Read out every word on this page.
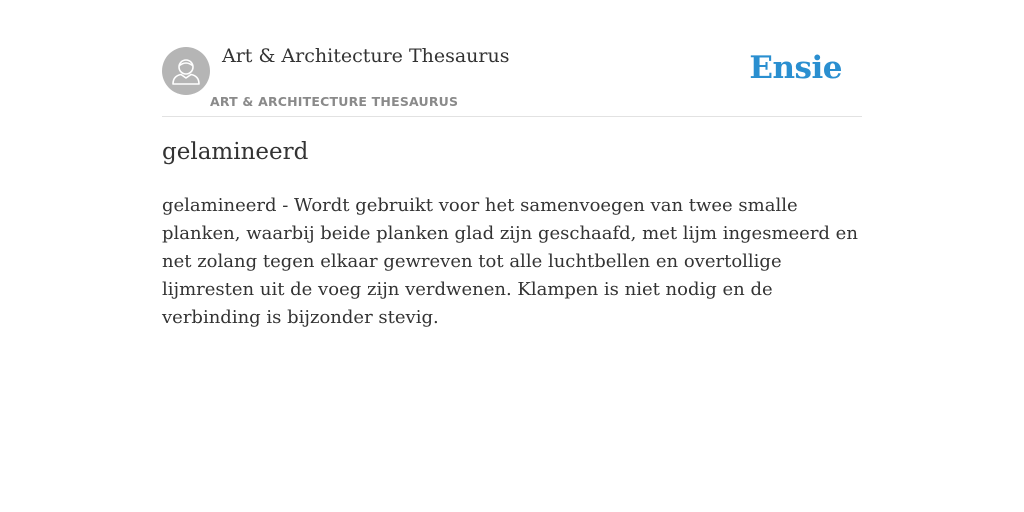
Art & Architecture Thesaurus
ART & ARCHITECTURE THESAURUS
Ensie
gelamineerd

gelamineerd - Wordt gebruikt voor het samenvoegen van twee smalle planken, waarbij beide planken glad zijn geschaafd, met lijm ingesmeerd en net zolang tegen elkaar gewreven tot alle luchtbellen en overtollige lijmresten uit de voeg zijn verdwenen. Klampen is niet nodig en de verbinding is bijzonder stevig.
